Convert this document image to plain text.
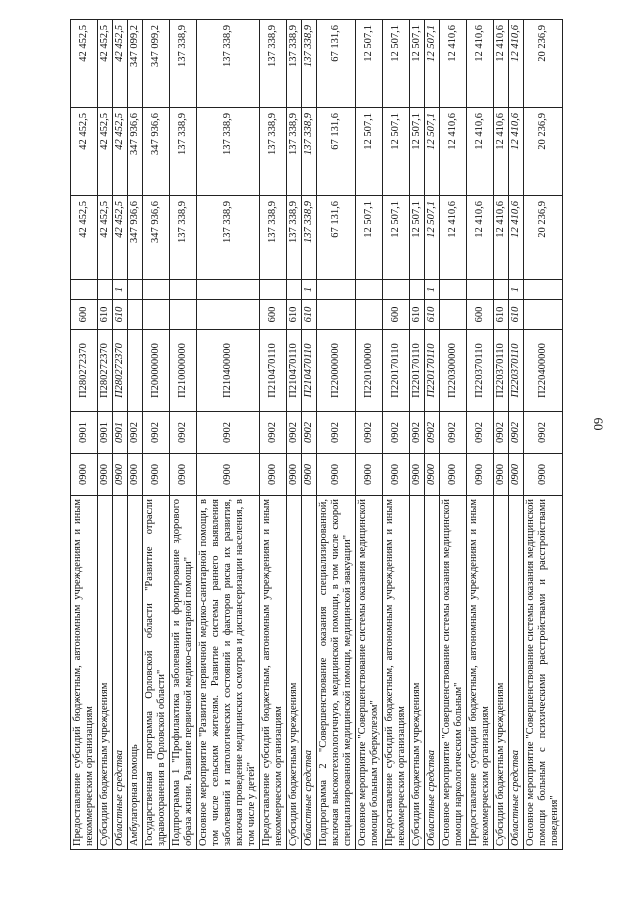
60
Предоставление субсидий бюджетным, автономным учреждениям и иным некоммерческим организациям	0900	0901	П280272370	600		42 452,5	42 452,5	42 452,5
Субсидии бюджетным учреждениям	0900	0901	П280272370	610		42 452,5	42 452,5	42 452,5
Областные средства	0900	0901	П280272370	610	1	42 452,5	42 452,5	42 452,5
Амбулаторная помощь	0900	0902				347 936,6	347 936,6	347 099,2
Государственная программа Орловской области "Развитие отрасли здравоохранения в Орловской области"	0900	0902	П200000000			347 936,6	347 936,6	347 099,2
Подпрограмма 1 "Профилактика заболеваний и формирование здорового образа жизни. Развитие первичной медико-санитарной помощи"	0900	0902	П210000000			137 338,9	137 338,9	137 338,9
Основное мероприятие "Развитие первичной медико-санитарной помощи, в том числе сельским жителям. Развитие системы раннего выявления заболеваний и патологических состояний и факторов риска их развития, включая проведение медицинских осмотров и диспансеризации населения, в том числе у детей"	0900	0902	П210400000			137 338,9	137 338,9	137 338,9
Предоставление субсидий бюджетным, автономным учреждениям и иным некоммерческим организациям	0900	0902	П210470110	600		137 338,9	137 338,9	137 338,9
Субсидии бюджетным учреждениям	0900	0902	П210470110	610		137 338,9	137 338,9	137 338,9
Областные средства	0900	0902	П210470110	610	1	137 338,9	137 338,9	137 338,9
Подпрограмма 2 "Совершенствование оказания специализированной, включая высокотехнологичную, медицинской помощи, в том числе скорой специализированной медицинской помощи, медицинской эвакуации"	0900	0902	П220000000			67 131,6	67 131,6	67 131,6
Основное мероприятие "Совершенствование системы оказания медицинской помощи больным туберкулезом"	0900	0902	П220100000			12 507,1	12 507,1	12 507,1
Предоставление субсидий бюджетным, автономным учреждениям и иным некоммерческим организациям	0900	0902	П220170110	600		12 507,1	12 507,1	12 507,1
Субсидии бюджетным учреждениям	0900	0902	П220170110	610		12 507,1	12 507,1	12 507,1
Областные средства	0900	0902	П220170110	610	1	12 507,1	12 507,1	12 507,1
Основное мероприятие "Совершенствование системы оказания медицинской помощи наркологическим больным"	0900	0902	П220300000			12 410,6	12 410,6	12 410,6
Предоставление субсидий бюджетным, автономным учреждениям и иным некоммерческим организациям	0900	0902	П220370110	600		12 410,6	12 410,6	12 410,6
Субсидии бюджетным учреждениям	0900	0902	П220370110	610		12 410,6	12 410,6	12 410,6
Областные средства	0900	0902	П220370110	610	1	12 410,6	12 410,6	12 410,6
Основное мероприятие "Совершенствование системы оказания медицинской помощи больным с психическими расстройствами и расстройствами поведения"	0900	0902	П220400000			20 236,9	20 236,9	20 236,9
